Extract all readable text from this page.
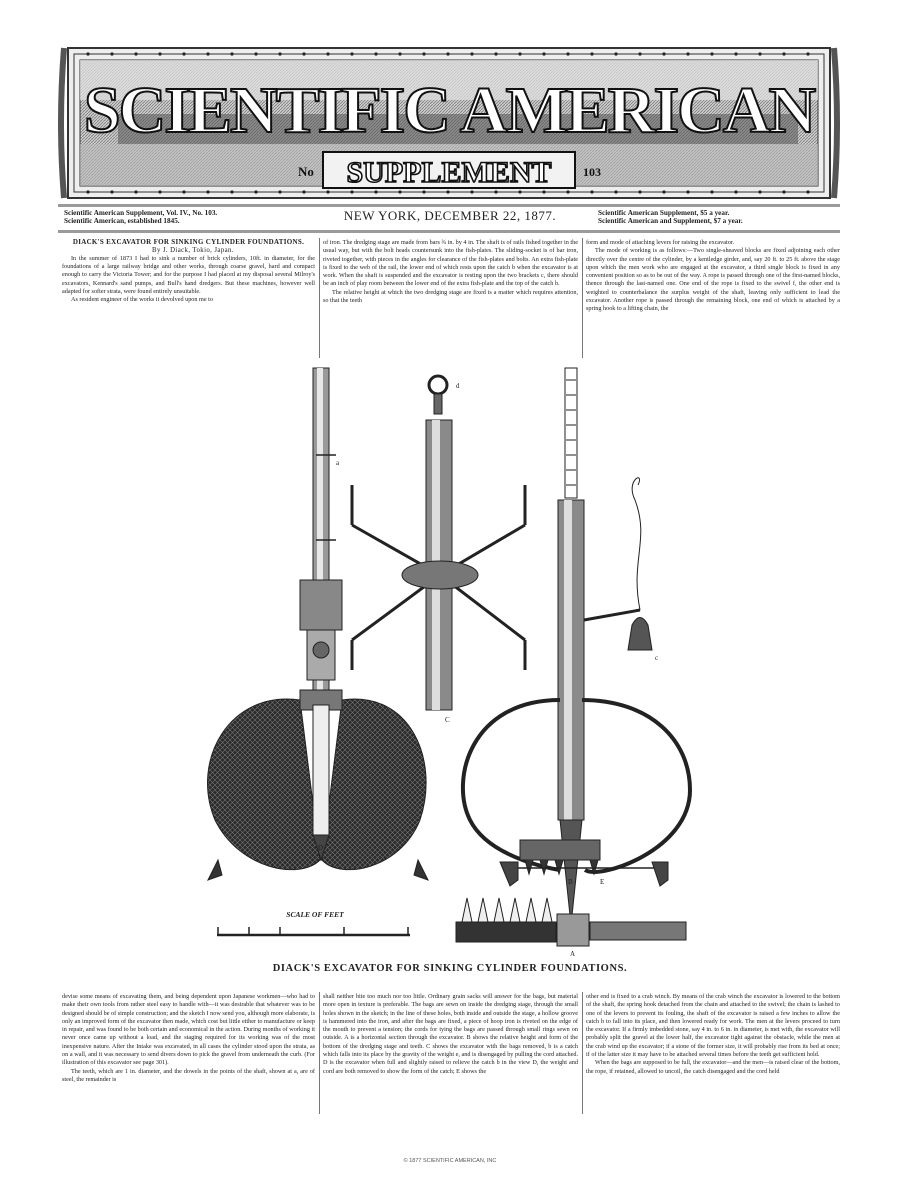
SCIENTIFIC AMERICAN
SUPPLEMENT
No	103
Scientific American Supplement, Vol. IV., No. 103.
Scientific American, established 1845.	NEW YORK, DECEMBER 22, 1877.	Scientific American Supplement, $5 a year.
Scientific American and Supplement, $7 a year.

DIACK'S EXCAVATOR FOR SINKING CYLINDER FOUNDATIONS.

By J. Diack, Tokio, Japan.

In the summer of 1873 I had to sink a number of brick cylinders, 10ft. in diameter, for the foundations of a large railway bridge and other works, through coarse gravel, hard and compact enough to carry the Victoria Tower; and for the purpose I had placed at my disposal several Milroy's excavators, Kennard's sand pumps, and Bull's hand dredgers. But these machines, however well adapted for softer strata, were found entirely unsuitable.

As resident engineer of the works it devolved upon me to

of iron. The dredging stage are made from bars ¾ in. by 4 in. The shaft is of rails fished together in the usual way, but with the bolt heads countersunk into the fish-plates. The sliding-socket is of bar iron, riveted together, with pieces in the angles for clearance of the fish-plates and bolts. An extra fish-plate is fixed to the web of the rail, the lower end of which rests upon the catch b when the excavator is at work. When the shaft is suspended and the excavator is resting upon the two brackets c, there should be an inch of play room between the lower end of the extra fish-plate and the top of the catch b.

The relative height at which the two dredging stage are fixed is a matter which requires attention, so that the teeth

form and mode of attaching levers for raising the excavator.

The mode of working is as follows:—Two single-sheaved blocks are fixed adjoining each other directly over the centre of the cylinder, by a kentledge girder, and, say 20 ft. to 25 ft. above the stage upon which the men work who are engaged at the excavator, a third single block is fixed in any convenient position so as to be out of the way. A rope is passed through one of the first-named blocks, thence through the last-named one. One end of the rope is fixed to the swivel f, the other end is weighted to counterbalance the surplus weight of the shaft, leaving only sufficient to lead the excavator. Another rope is passed through the remaining block, one end of which is attached by a spring hook to a lifting chain, the

a
D
d
C
E
c
B
SCALE OF FEET
A
DIACK'S EXCAVATOR FOR SINKING CYLINDER FOUNDATIONS.

devise some means of excavating them, and being dependent upon Japanese workmen—who had to make their own tools from rather steel easy to handle with—it was desirable that whatever was to be designed should be of simple construction; and the sketch I now send you, although more elaborate, is only an improved form of the excavator then made, which cost but little either to manufacture or keep in repair, and was found to be both certain and economical in the action. During months of working it never once came up without a load, and the staging required for its working was of the most inexpensive nature. After the Intake was excavated, in all cases the cylinder stood upon the strata, as on a wall, and it was necessary to send divers down to pick the gravel from underneath the curb. (For illustration of this excavator see page 301).

The teeth, which are 1 in. diameter, and the dowels in the points of the shaft, shown at a, are of steel, the remainder is

shall neither bite too much nor too little. Ordinary grain sacks will answer for the bags, but material more open in texture is preferable. The bags are sewn on inside the dredging stage, through the small holes shown in the sketch; in the line of these holes, both inside and outside the stage, a hollow groove is hammered into the iron, and after the bags are fixed, a piece of hoop iron is riveted on the edge of the mouth to prevent a tension; the cords for tying the bags are passed through small rings sewn on outside. A is a horizontal section through the excavator. B shows the relative height and form of the bottom of the dredging stage and teeth. C shows the excavator with the bags removed, b is a catch which falls into its place by the gravity of the weight e, and is disengaged by pulling the cord attached. D is the excavator when full and slightly raised to relieve the catch b in the view D, the weight and cord are both removed to show the form of the catch; E shows the

other end is fixed to a crab winch. By means of the crab winch the excavator is lowered to the bottom of the shaft, the spring hook detached from the chain and attached to the swivel; the chain is lashed to one of the levers to prevent its fouling, the shaft of the excavator is raised a few inches to allow the catch b to fall into its place, and then lowered ready for work. The men at the levers proceed to turn the excavator. If a firmly imbedded stone, say 4 in. to 6 in. in diameter, is met with, the excavator will probably split the gravel at the lower half, the excavator tight against the obstacle, while the men at the crab wind up the excavator; if a stone of the former size, it will probably rise from its bed at once; if of the latter size it may have to be attached several times before the teeth get sufficient hold.

When the bags are supposed to be full, the excavator—and the men—is raised clear of the bottom, the rope, if retained, allowed to uncoil, the catch disengaged and the cord held

© 1877 SCIENTIFIC AMERICAN, INC
